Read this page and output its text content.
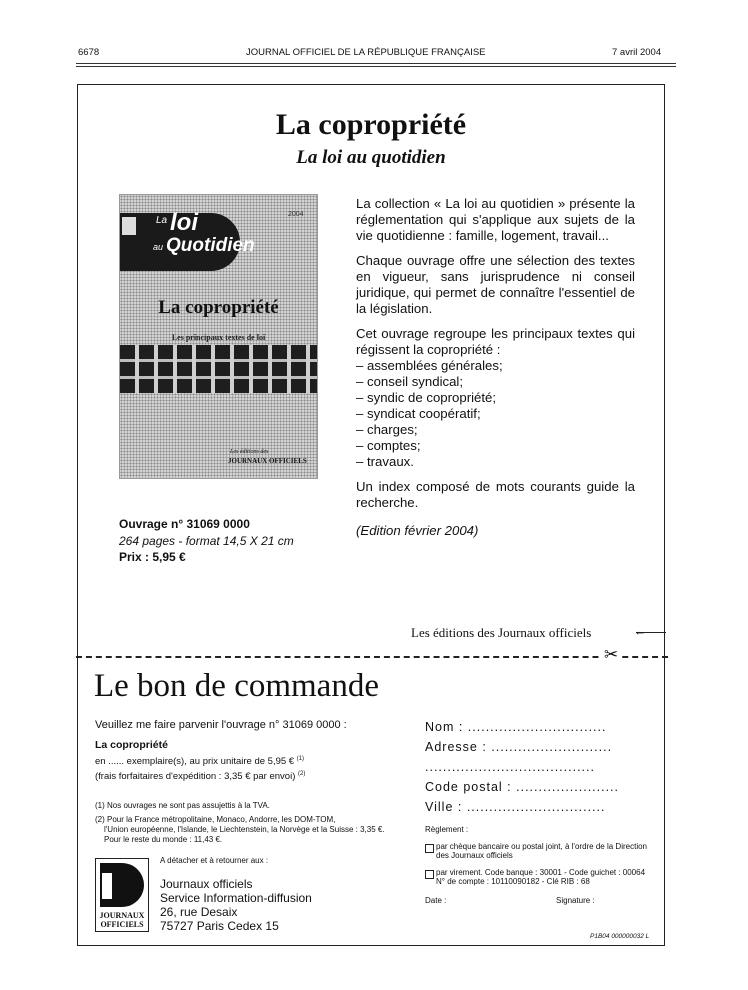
6678	JOURNAL OFFICIEL DE LA RÉPUBLIQUE FRANÇAISE	7 avril 2004
La copropriété
La loi au quotidien
La loi
au Quotidien
2004
La copropriété
Les principaux textes de loi
Les éditions des
JOURNAUX OFFICIELS
Ouvrage n° 31069 0000
264 pages - format 14,5 X 21 cm
Prix : 5,95 €

La collection « La loi au quotidien » présente la réglementation qui s'applique aux sujets de la vie quotidienne : famille, logement, travail...

Chaque ouvrage offre une sélection des textes en vigueur, sans jurisprudence ni conseil juridique, qui permet de connaître l'essentiel de la législation.

Cet ouvrage regroupe les principaux textes qui régissent la copropriété :

– assemblées générales;
– conseil syndical;
– syndic de copropriété;
– syndicat coopératif;
– charges;
– comptes;
– travaux.

Un index composé de mots courants guide la recherche.

(Edition février 2004)

Les éditions des Journaux officiels	←
✂
Le bon de commande
Veuillez me faire parvenir l'ouvrage n° 31069 0000 :
La copropriété
en ...... exemplaire(s), au prix unitaire de 5,95 € $^{(1)}$
(frais forfaitaires d'expédition : 3,35 € par envoi) $^{(2)}$
(1) Nos ouvrages ne sont pas assujettis à la TVA.
(2) Pour la France métropolitaine, Monaco, Andorre, les DOM-TOM,
l'Union européenne, l'Islande, le Liechtenstein, la Norvège et la Suisse : 3,35 €.
Pour le reste du monde : 11,43 €.
A détacher et à retourner aux :
JOURNAUX
OFFICIELS
Journaux officiels
Service Information-diffusion
26, rue Desaix
75727 Paris Cedex 15
Nom : ...............................
Adresse : ...........................
......................................
Code postal : .......................
Ville : ...............................
Règlement :
par chèque bancaire ou postal joint, à l'ordre de la Direction
des Journaux officiels
par virement. Code banque : 30001 - Code guichet : 00064
N° de compte : 10110090182 - Clé RIB : 68
Date :	Signature :
P1B04 000000032 L
